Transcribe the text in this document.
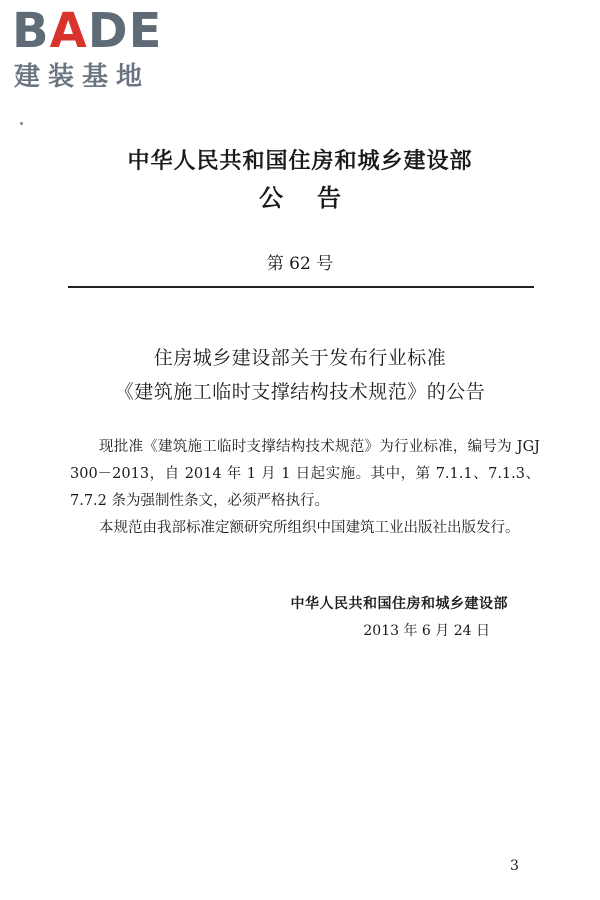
BADE
建装基地
中华人民共和国住房和城乡建设部
公告
第 62 号
住房城乡建设部关于发布行业标准
《建筑施工临时支撑结构技术规范》的公告
现批准《建筑施工临时支撑结构技术规范》为行业标准，编号为 JGJ 300－2013，自 2014 年 1 月 1 日起实施。其中，第 7.1.1、7.1.3、7.7.2 条为强制性条文，必须严格执行。
本规范由我部标准定额研究所组织中国建筑工业出版社出版发行。
中华人民共和国住房和城乡建设部
2013 年 6 月 24 日
3
